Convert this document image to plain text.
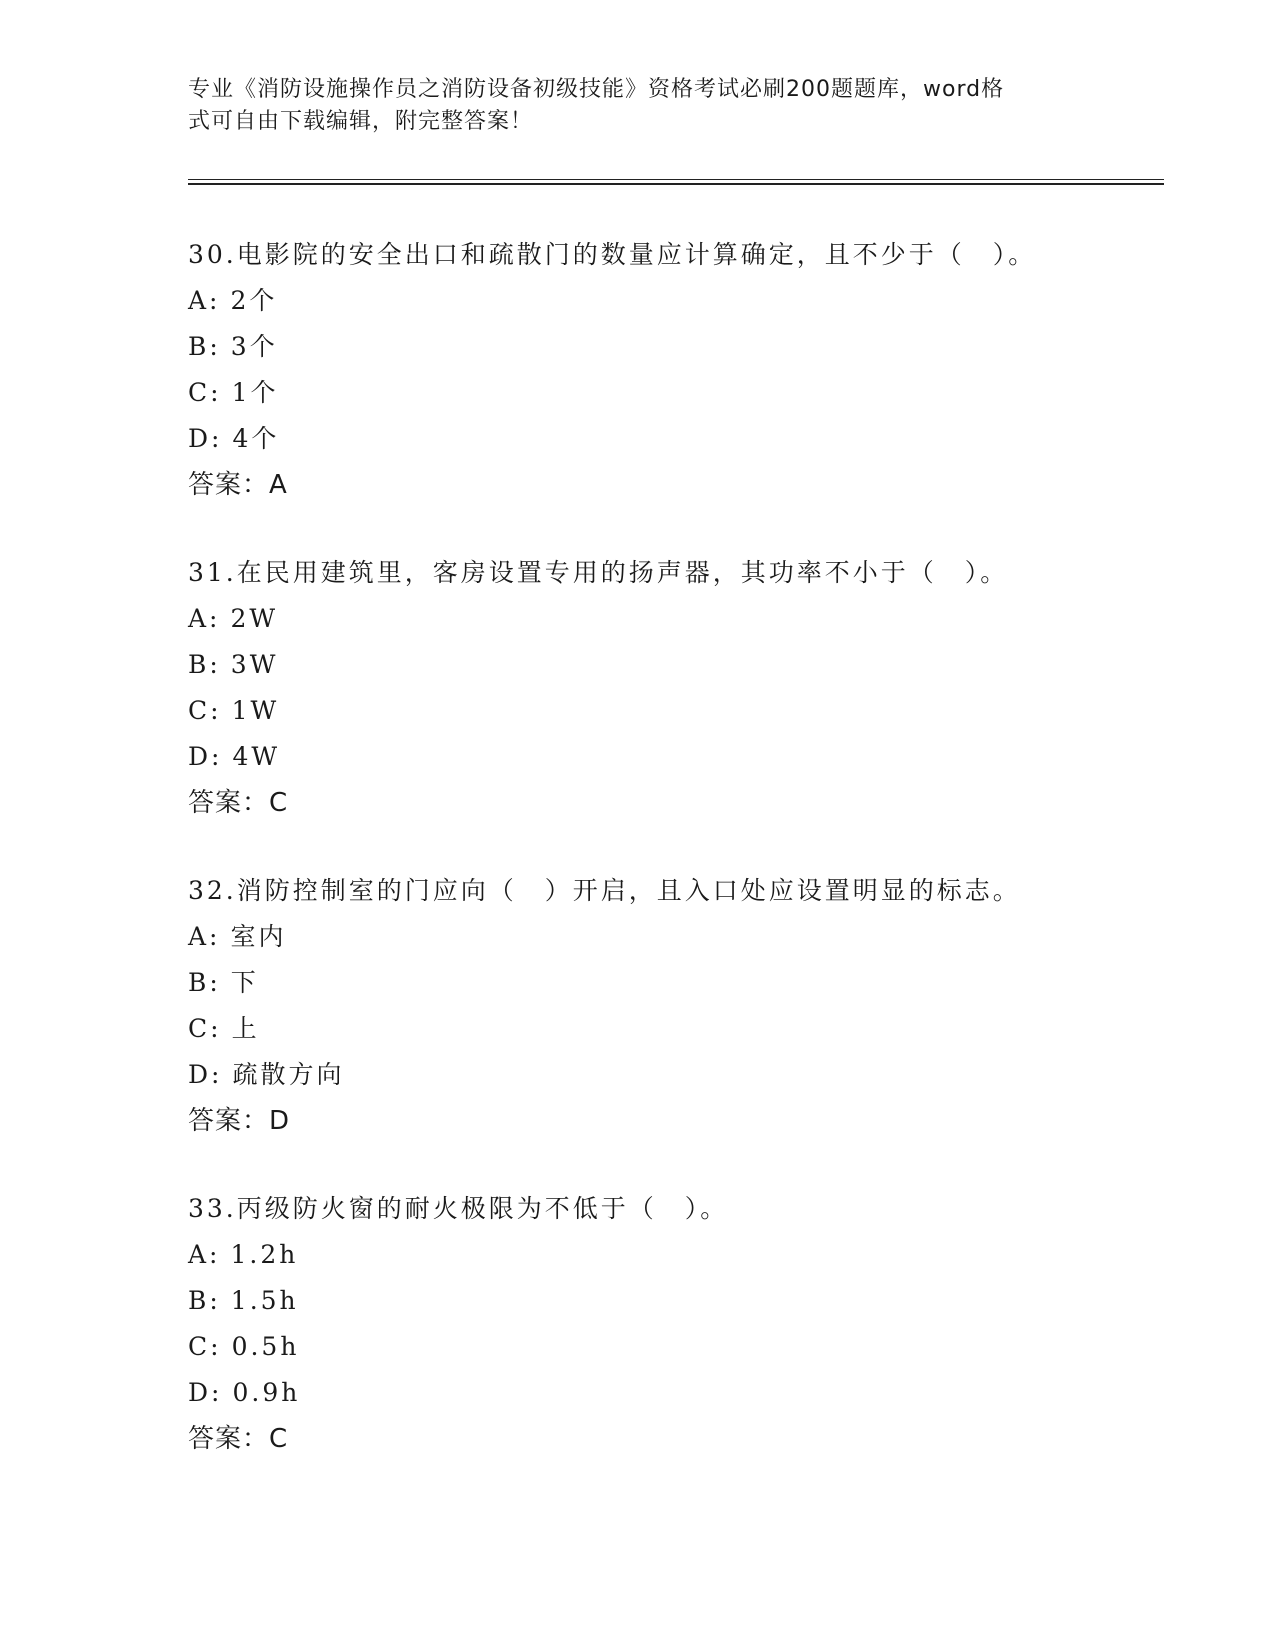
专业《消防设施操作员之消防设备初级技能》资格考试必刷200题题库，word格
式可自由下载编辑，附完整答案！
30.电影院的安全出口和疏散门的数量应计算确定，且不少于（　）。
A: 2个
B: 3个
C: 1个
D: 4个
答案：A
31.在民用建筑里，客房设置专用的扬声器，其功率不小于（　）。
A: 2W
B: 3W
C: 1W
D: 4W
答案：C
32.消防控制室的门应向（　）开启，且入口处应设置明显的标志。
A: 室内
B: 下
C: 上
D: 疏散方向
答案：D
33.丙级防火窗的耐火极限为不低于（　）。
A: 1.2h
B: 1.5h
C: 0.5h
D: 0.9h
答案：C
